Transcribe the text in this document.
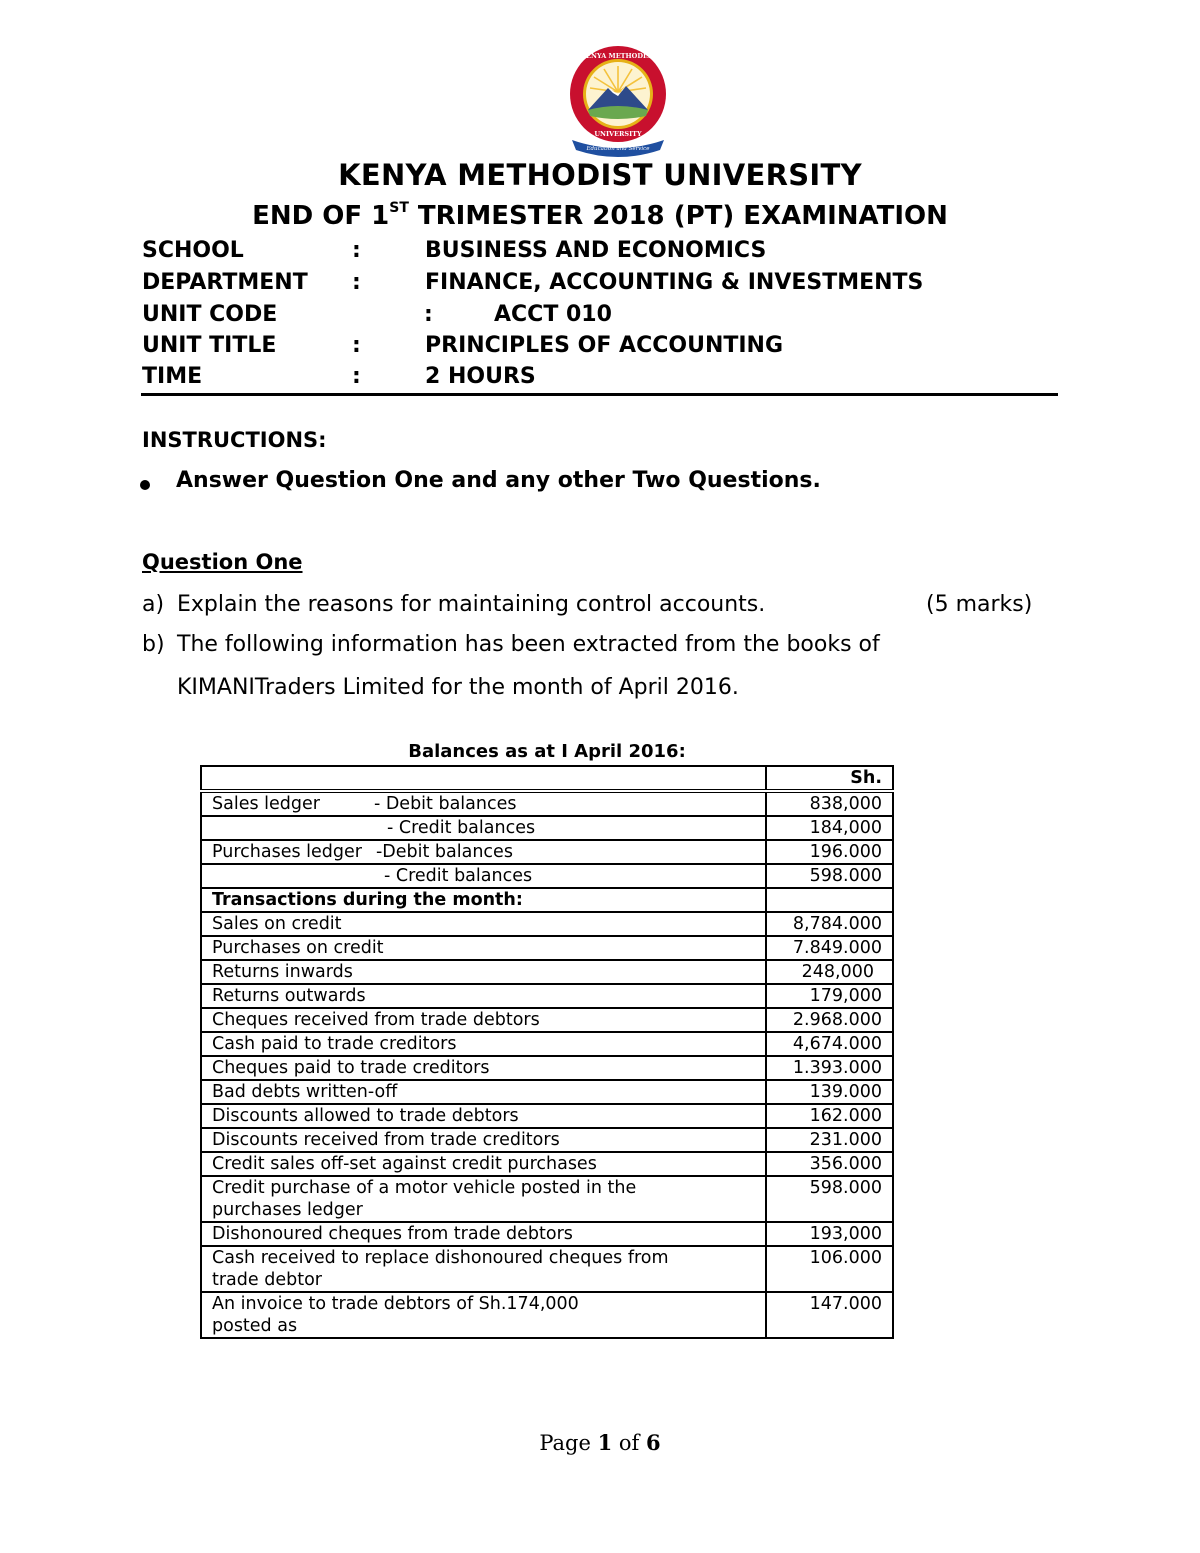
Education and Service
KENYA METHODIST
UNIVERSITY
KENYA METHODIST UNIVERSITY
END OF 1ST TRIMESTER 2018 (PT) EXAMINATION
SCHOOL	:	BUSINESS AND ECONOMICS
DEPARTMENT :	FINANCE, ACCOUNTING & INVESTMENTS
UNIT CODE	:	ACCT 010
UNIT TITLE	:	PRINCIPLES OF ACCOUNTING
TIME	:	2 HOURS
INSTRUCTIONS:
Answer Question One and any other Two Questions.
Question One
a) Explain the reasons for maintaining control accounts.	(5 marks)
b) The following information has been extracted from the books of
KIMANITraders Limited for the month of April 2016.
Balances as at I April 2016:
	Sh.
Sales ledger - Debit balances	838,000
- Credit balances	184,000
Purchases ledger -Debit balances	196.000
- Credit balances	598.000
Transactions during the month:	
Sales on credit	8,784.000
Purchases on credit	7.849.000
Returns inwards	248,000
Returns outwards	179,000
Cheques received from trade debtors	2.968.000
Cash paid to trade creditors	4,674.000
Cheques paid to trade creditors	1.393.000
Bad debts written-off	139.000
Discounts allowed to trade debtors	162.000
Discounts received from trade creditors	231.000
Credit sales off-set against credit purchases	356.000
Credit purchase of a motor vehicle posted in the
purchases ledger	598.000
Dishonoured cheques from trade debtors	193,000
Cash received to replace dishonoured cheques from
trade debtor	106.000
An invoice to trade debtors of Sh.174,000
posted as	147.000
Page 1 of 6
